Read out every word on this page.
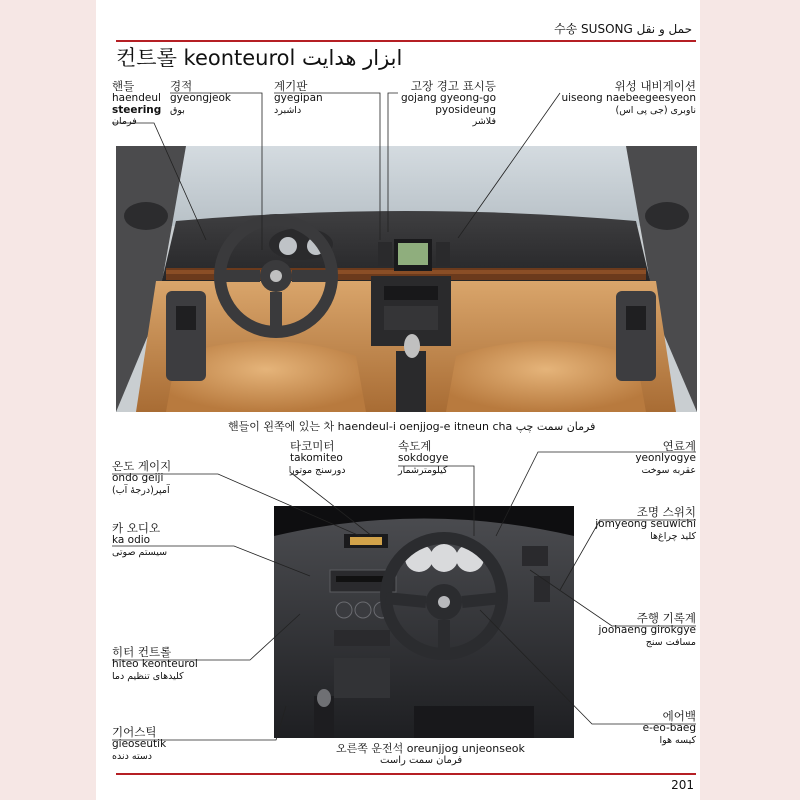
수송 SUSONG حمل و نقل
컨트롤 keonteurol ابزار هدایت
핸들
haendeul
steering
فرمان
경적
gyeongjeok
بوق
계기판
gyegipan
داشبرد
고장 경고 표시등
gojang gyeong-go
pyosideung
فلاشر
위성 내비게이션
uiseong naebeegeesyeon
ناوبری (جی پی اس)
핸들이 왼쪽에 있는 차 haendeul-i oenjjog-e itneun cha فرمان سمت چپ
타코미터
takomiteo
دورسنج موتور
속도계
sokdogye
کیلومترشمار
온도 게이지
ondo geiji
آمپر(درجهٔ آب)
카 오디오
ka odio
سیستم صوتی
히터 컨트롤
hiteo keonteurol
کلیدهای تنظیم دما
기어스틱
gieoseutik
دسته دنده
연료계
yeonlyogye
عقربه سوخت
조명 스위치
jomyeong seuwichi
کلید چراغ‌ها
주행 기록계
joohaeng girokgye
مسافت سنج
에어백
e-eo-baeg
کیسه هوا
오른쪽 운전석 oreunjjog unjeonseok
فرمان سمت راست
201
